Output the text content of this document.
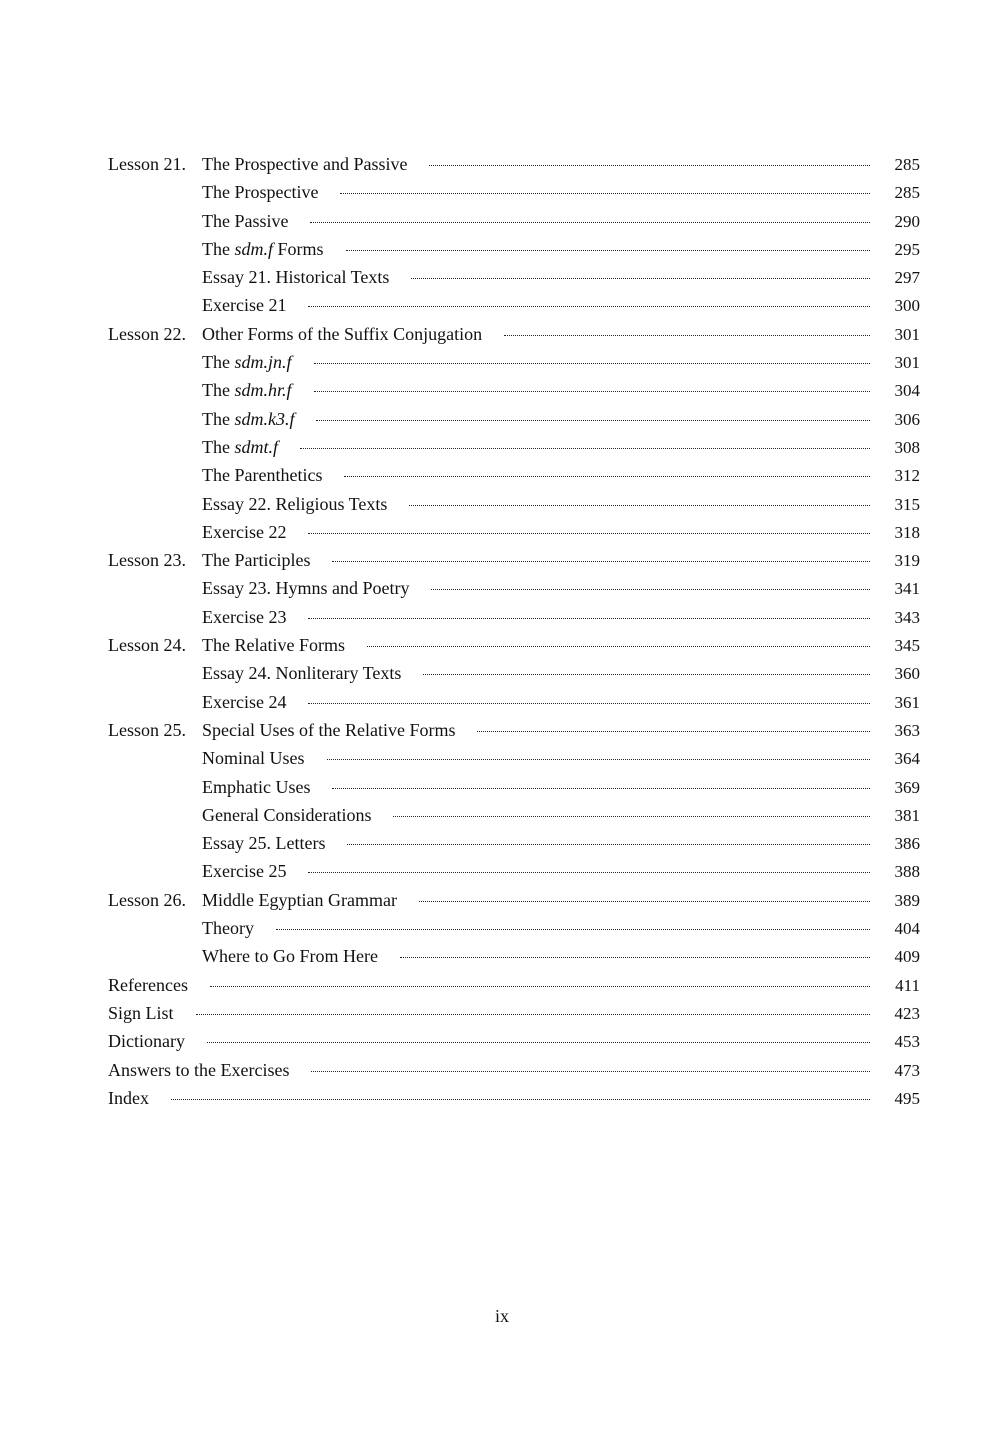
Lesson 21. The Prospective and Passive	285
The Prospective	285
The Passive	290
The sdm.f Forms	295
Essay 21. Historical Texts	297
Exercise 21	300
Lesson 22. Other Forms of the Suffix Conjugation	301
The sdm.jn.f	301
The sdm.hr.f	304
The sdm.k3.f	306
The sdmt.f	308
The Parenthetics	312
Essay 22. Religious Texts	315
Exercise 22	318
Lesson 23. The Participles	319
Essay 23. Hymns and Poetry	341
Exercise 23	343
Lesson 24. The Relative Forms	345
Essay 24. Nonliterary Texts	360
Exercise 24	361
Lesson 25. Special Uses of the Relative Forms	363
Nominal Uses	364
Emphatic Uses	369
General Considerations	381
Essay 25. Letters	386
Exercise 25	388
Lesson 26. Middle Egyptian Grammar	389
Theory	404
Where to Go From Here	409
References	411
Sign List	423
Dictionary	453
Answers to the Exercises	473
Index	495
ix
